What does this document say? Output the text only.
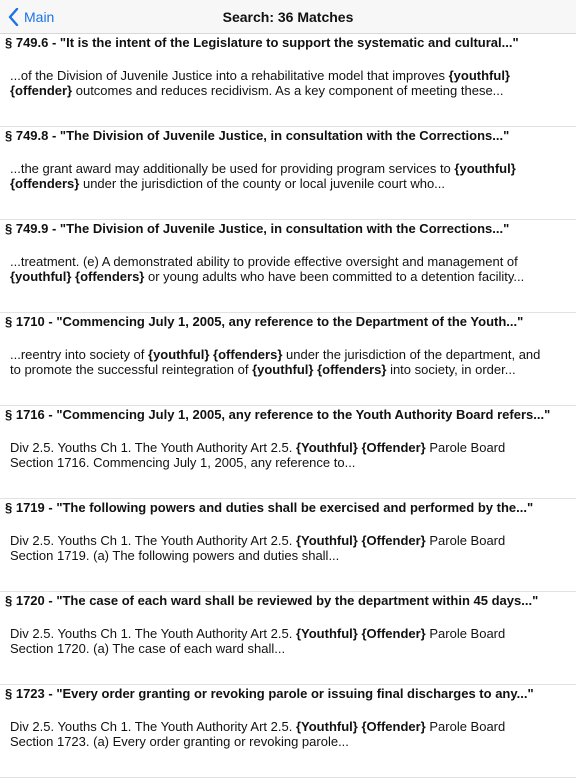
Main	Search: 36 Matches
§ 749.6 - "It is the intent of the Legislature to support the systematic and cultural..."
...of the Division of Juvenile Justice into a rehabilitative model that improves {youthful} {offender} outcomes and reduces recidivism. As a key component of meeting these...
§ 749.8 - "The Division of Juvenile Justice, in consultation with the Corrections..."
...the grant award may additionally be used for providing program services to {youthful} {offenders} under the jurisdiction of the county or local juvenile court who...
§ 749.9 - "The Division of Juvenile Justice, in consultation with the Corrections..."
...treatment. (e) A demonstrated ability to provide effective oversight and management of {youthful} {offenders} or young adults who have been committed to a detention facility...
§ 1710 - "Commencing July 1, 2005, any reference to the Department of the Youth..."
...reentry into society of {youthful} {offenders} under the jurisdiction of the department, and to promote the successful reintegration of {youthful} {offenders} into society, in order...
§ 1716 - "Commencing July 1, 2005, any reference to the Youth Authority Board refers..."
Div 2.5. Youths Ch 1. The Youth Authority Art 2.5. {Youthful} {Offender} Parole Board Section 1716. Commencing July 1, 2005, any reference to...
§ 1719 - "The following powers and duties shall be exercised and performed by the..."
Div 2.5. Youths Ch 1. The Youth Authority Art 2.5. {Youthful} {Offender} Parole Board Section 1719. (a) The following powers and duties shall...
§ 1720 - "The case of each ward shall be reviewed by the department within 45 days..."
Div 2.5. Youths Ch 1. The Youth Authority Art 2.5. {Youthful} {Offender} Parole Board Section 1720. (a) The case of each ward shall...
§ 1723 - "Every order granting or revoking parole or issuing final discharges to any..."
Div 2.5. Youths Ch 1. The Youth Authority Art 2.5. {Youthful} {Offender} Parole Board Section 1723. (a) Every order granting or revoking parole...
